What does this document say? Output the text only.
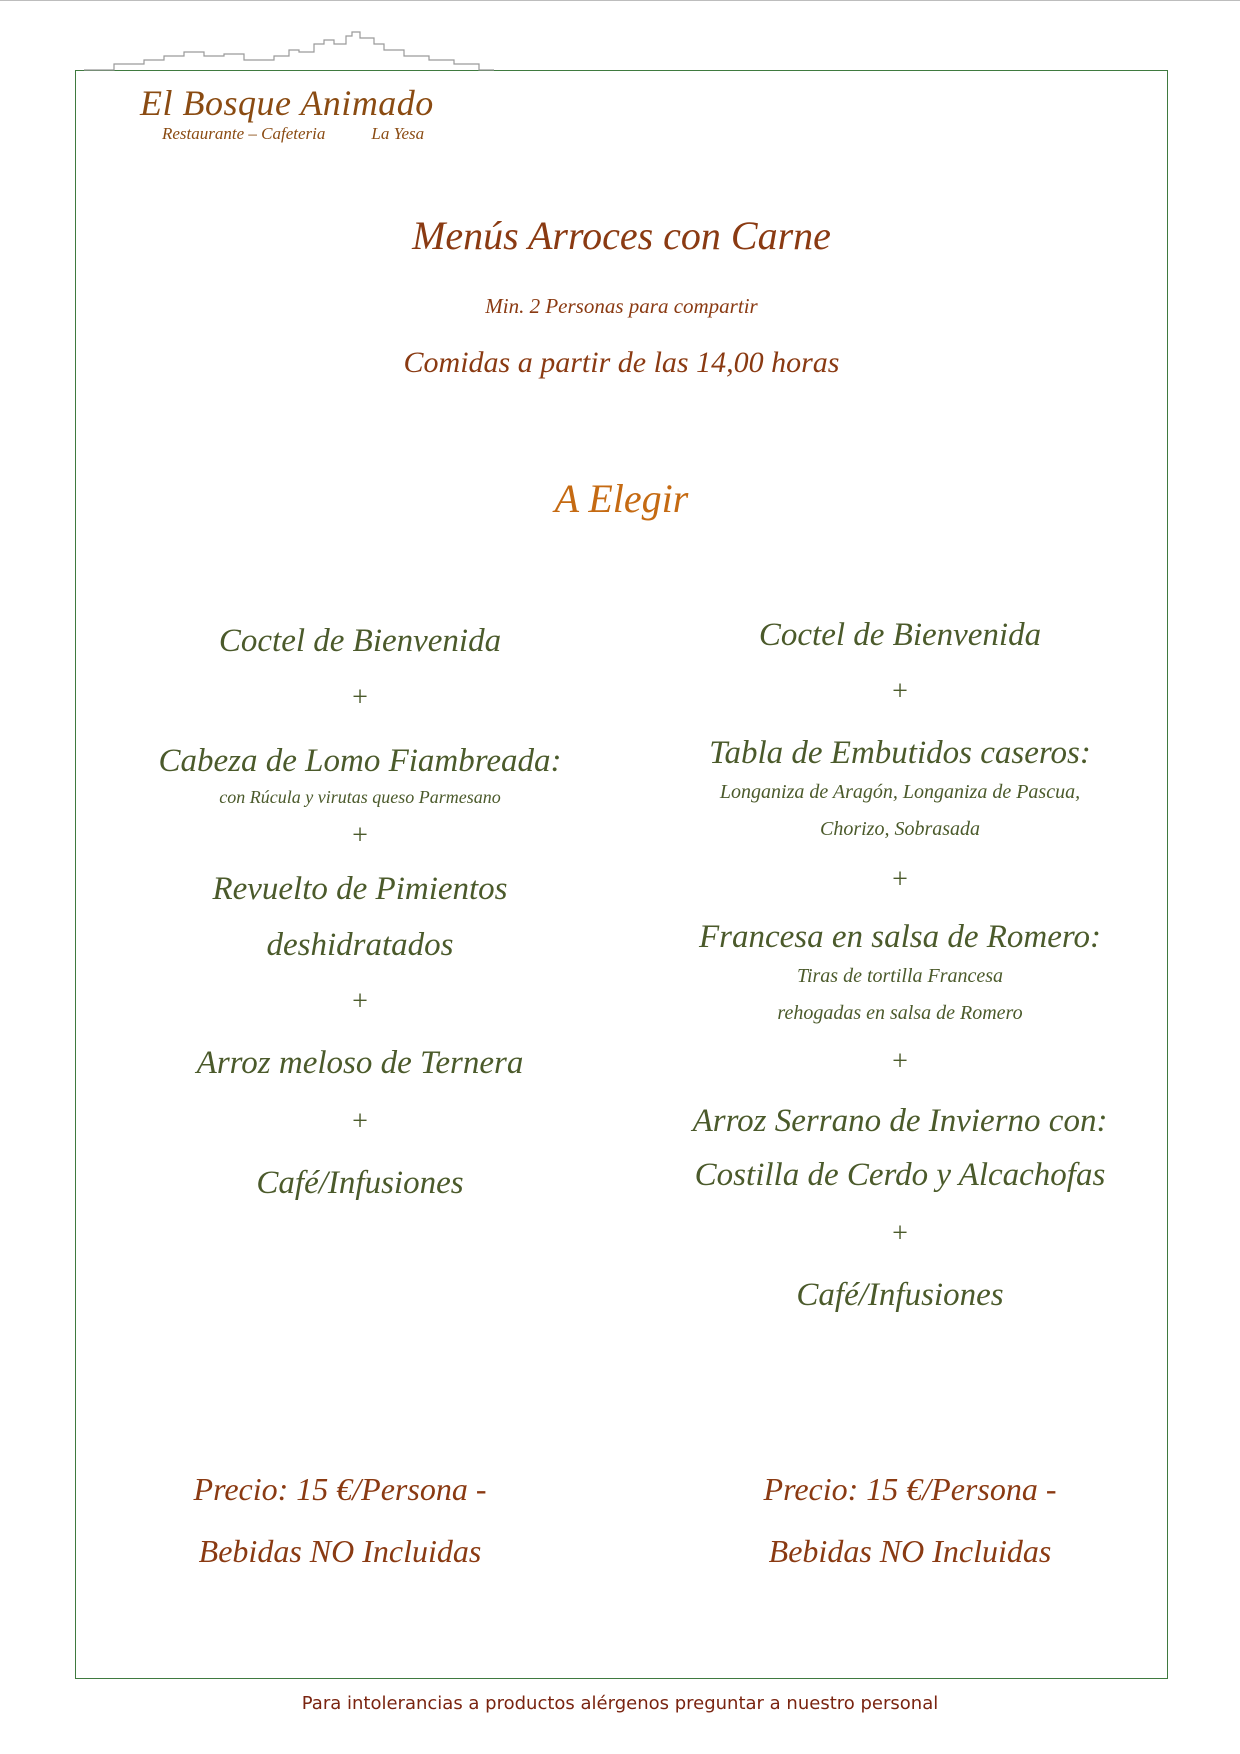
El Bosque Animado
Restaurante – Cafeteria	La Yesa
Menús Arroces con Carne
Min. 2 Personas para compartir
Comidas a partir de las 14,00 horas
A Elegir
Coctel de Bienvenida
+
Cabeza de Lomo Fiambreada:
con Rúcula y virutas queso Parmesano
+
Revuelto de Pimientos
deshidratados
+
Arroz meloso de Ternera
+
Café/Infusiones
Coctel de Bienvenida
+
Tabla de Embutidos caseros:
Longaniza de Aragón, Longaniza de Pascua,
Chorizo, Sobrasada
+
Francesa en salsa de Romero:
Tiras de tortilla Francesa
rehogadas en salsa de Romero
+
Arroz Serrano de Invierno con:
Costilla de Cerdo y Alcachofas
+
Café/Infusiones
Precio: 15 €/Persona -
Bebidas NO Incluidas
Precio: 15 €/Persona -
Bebidas NO Incluidas
Para intolerancias a productos alérgenos preguntar a nuestro personal
